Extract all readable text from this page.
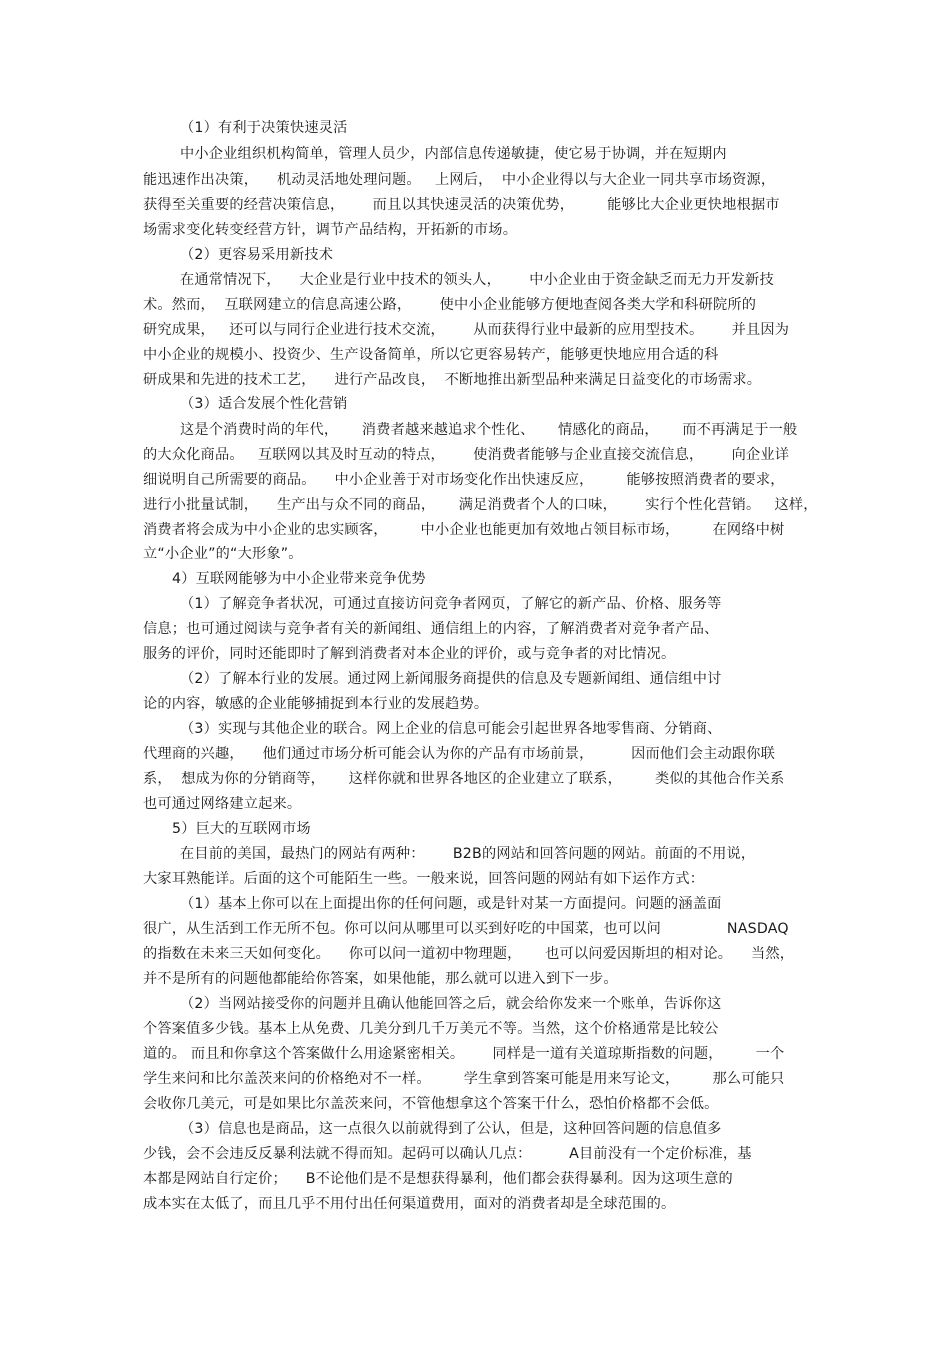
（1）有利于决策快速灵活
中小企业组织机构简单，管理人员少，内部信息传递敏捷，使它易于协调，并在短期内
能迅速作出决策，    机动灵活地处理问题。   上网后，  中小企业得以与大企业一同共享市场资源，
获得至关重要的经营决策信息，      而且以其快速灵活的决策优势，       能够比大企业更快地根据市
场需求变化转变经营方针，调节产品结构，开拓新的市场。
（2）更容易采用新技术
在通常情况下，    大企业是行业中技术的领头人，      中小企业由于资金缺乏而无力开发新技
术。然而，  互联网建立的信息高速公路，      使中小企业能够方便地查阅各类大学和科研院所的
研究成果，   还可以与同行企业进行技术交流，      从而获得行业中最新的应用型技术。      并且因为
中小企业的规模小、投资少、生产设备简单，所以它更容易转产，能够更快地应用合适的科
研成果和先进的技术工艺，    进行产品改良，  不断地推出新型品种来满足日益变化的市场需求。
（3）适合发展个性化营销
这是个消费时尚的年代，     消费者越来越追求个性化、     情感化的商品，     而不再满足于一般
的大众化商品。   互联网以其及时互动的特点，      使消费者能够与企业直接交流信息，      向企业详
细说明自己所需要的商品。    中小企业善于对市场变化作出快速反应，       能够按照消费者的要求，
进行小批量试制，    生产出与众不同的商品，     满足消费者个人的口味，      实行个性化营销。   这样，
消费者将会成为中小企业的忠实顾客，       中小企业也能更加有效地占领目标市场，       在网络中树
立“小企业”的“大形象”。
4）互联网能够为中小企业带来竞争优势
（1）了解竞争者状况，可通过直接访问竞争者网页，了解它的新产品、价格、服务等
信息；也可通过阅读与竞争者有关的新闻组、通信组上的内容，了解消费者对竞争者产品、
服务的评价，同时还能即时了解到消费者对本企业的评价，或与竞争者的对比情况。
（2）了解本行业的发展。通过网上新闻服务商提供的信息及专题新闻组、通信组中讨
论的内容，敏感的企业能够捕捉到本行业的发展趋势。
（3）实现与其他企业的联合。网上企业的信息可能会引起世界各地零售商、分销商、
代理商的兴趣，    他们通过市场分析可能会认为你的产品有市场前景，        因而他们会主动跟你联
系，  想成为你的分销商等，     这样你就和世界各地区的企业建立了联系，       类似的其他合作关系
也可通过网络建立起来。
5）巨大的互联网市场
在目前的美国，最热门的网站有两种：      B2B的网站和回答问题的网站。前面的不用说，
大家耳熟能详。后面的这个可能陌生一些。一般来说，回答问题的网站有如下运作方式：
（1）基本上你可以在上面提出你的任何问题，或是针对某一方面提问。问题的涵盖面
很广，从生活到工作无所不包。你可以问从哪里可以买到好吃的中国菜，也可以问              NASDAQ
的指数在未来三天如何变化。    你可以问一道初中物理题，     也可以问爱因斯坦的相对论。    当然，
并不是所有的问题他都能给你答案，如果他能，那么就可以进入到下一步。
（2）当网站接受你的问题并且确认他能回答之后，就会给你发来一个账单，告诉你这
个答案值多少钱。基本上从免费、几美分到几千万美元不等。当然，这个价格通常是比较公
道的。 而且和你拿这个答案做什么用途紧密相关。      同样是一道有关道琼斯指数的问题，       一个
学生来问和比尔盖茨来问的价格绝对不一样。       学生拿到答案可能是用来写论文，       那么可能只
会收你几美元，可是如果比尔盖茨来问，不管他想拿这个答案干什么，恐怕价格都不会低。
（3）信息也是商品，这一点很久以前就得到了公认，但是，这种回答问题的信息值多
少钱，会不会违反反暴利法就不得而知。起码可以确认几点：        A目前没有一个定价标准，基
本都是网站自行定价；    B不论他们是不是想获得暴利，他们都会获得暴利。因为这项生意的
成本实在太低了，而且几乎不用付出任何渠道费用，面对的消费者却是全球范围的。
